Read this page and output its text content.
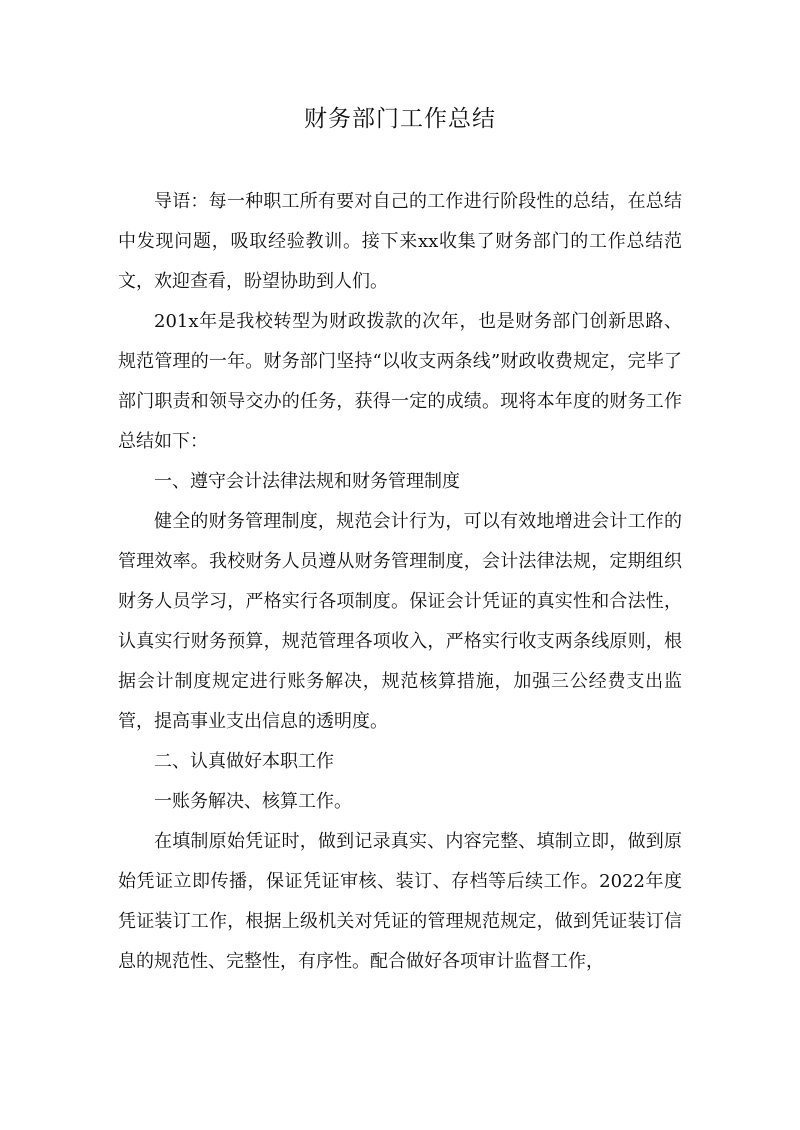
财务部门工作总结

导语：每一种职工所有要对自己的工作进行阶段性的总结，在总结中发现问题，吸取经验教训。接下来xx收集了财务部门的工作总结范文，欢迎查看，盼望协助到人们。

201x年是我校转型为财政拨款的次年，也是财务部门创新思路、规范管理的一年。财务部门坚持“以收支两条线”财政收费规定，完毕了部门职责和领导交办的任务，获得一定的成绩。现将本年度的财务工作总结如下：

一、遵守会计法律法规和财务管理制度

健全的财务管理制度，规范会计行为，可以有效地增进会计工作的管理效率。我校财务人员遵从财务管理制度，会计法律法规，定期组织财务人员学习，严格实行各项制度。保证会计凭证的真实性和合法性，认真实行财务预算，规范管理各项收入，严格实行收支两条线原则，根据会计制度规定进行账务解决，规范核算措施，加强三公经费支出监管，提高事业支出信息的透明度。

二、认真做好本职工作

一账务解决、核算工作。

在填制原始凭证时，做到记录真实、内容完整、填制立即，做到原始凭证立即传播，保证凭证审核、装订、存档等后续工作。2022年度凭证装订工作，根据上级机关对凭证的管理规范规定，做到凭证装订信息的规范性、完整性，有序性。配合做好各项审计监督工作，
